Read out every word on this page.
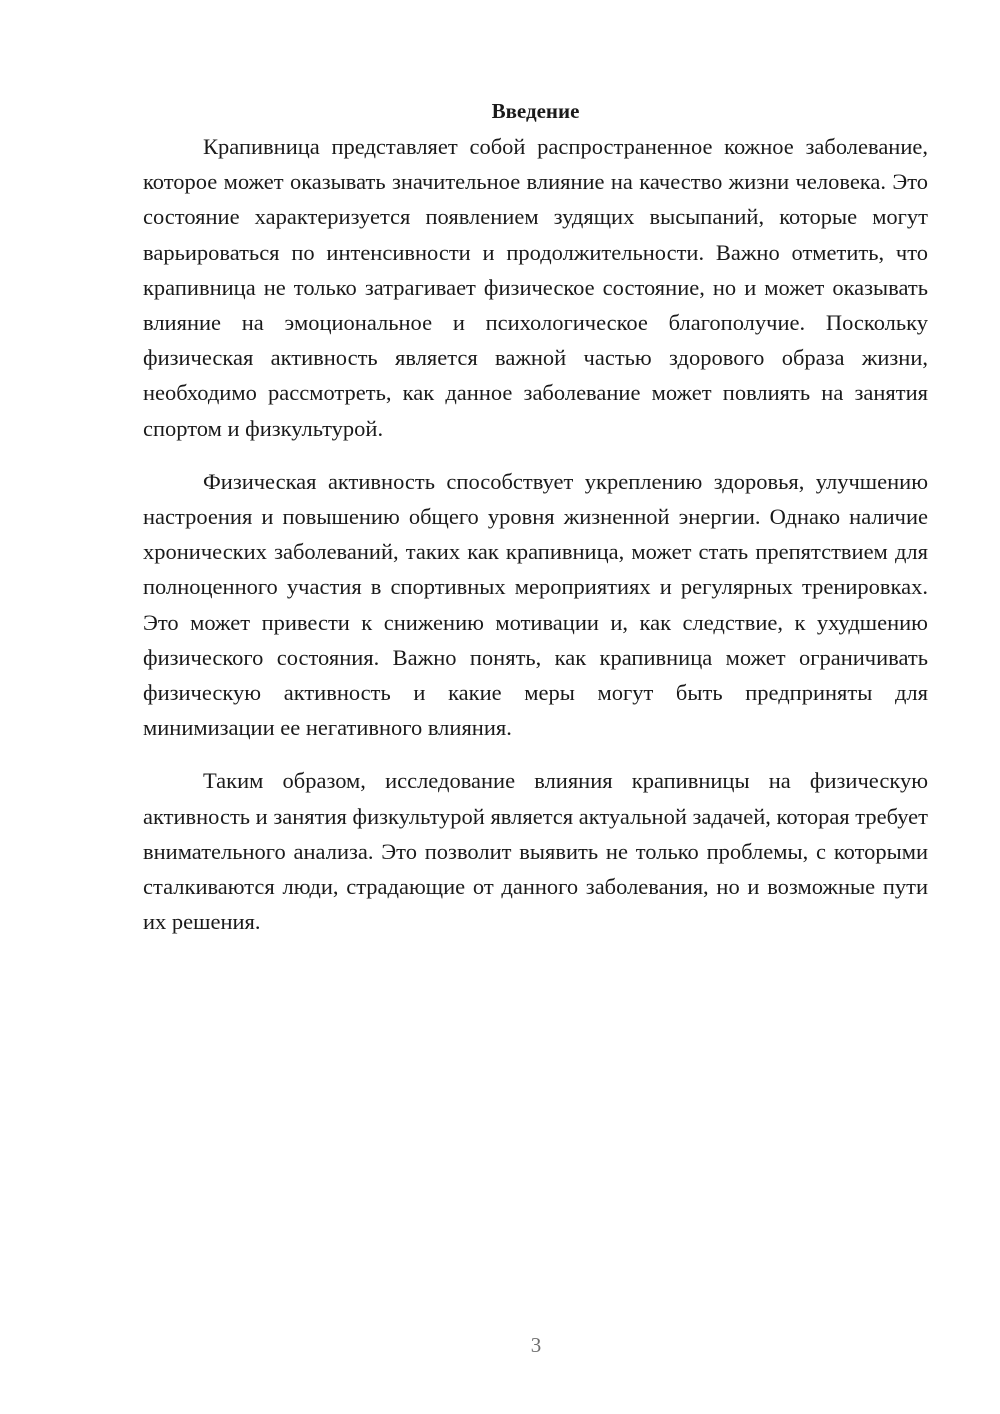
Введение

Крапивница представляет собой распространенное кожное заболевание, которое может оказывать значительное влияние на качество жизни человека. Это состояние характеризуется появлением зудящих высыпаний, которые могут варьироваться по интенсивности и продолжительности. Важно отметить, что крапивница не только затрагивает физическое состояние, но и может оказывать влияние на эмоциональное и психологическое благополучие. Поскольку физическая активность является важной частью здорового образа жизни, необходимо рассмотреть, как данное заболевание может повлиять на занятия спортом и физкультурой.

Физическая активность способствует укреплению здоровья, улучшению настроения и повышению общего уровня жизненной энергии. Однако наличие хронических заболеваний, таких как крапивница, может стать препятствием для полноценного участия в спортивных мероприятиях и регулярных тренировках. Это может привести к снижению мотивации и, как следствие, к ухудшению физического состояния. Важно понять, как крапивница может ограничивать физическую активность и какие меры могут быть предприняты для минимизации ее негативного влияния.

Таким образом, исследование влияния крапивницы на физическую активность и занятия физкультурой является актуальной задачей, которая требует внимательного анализа. Это позволит выявить не только проблемы, с которыми сталкиваются люди, страдающие от данного заболевания, но и возможные пути их решения.

3
